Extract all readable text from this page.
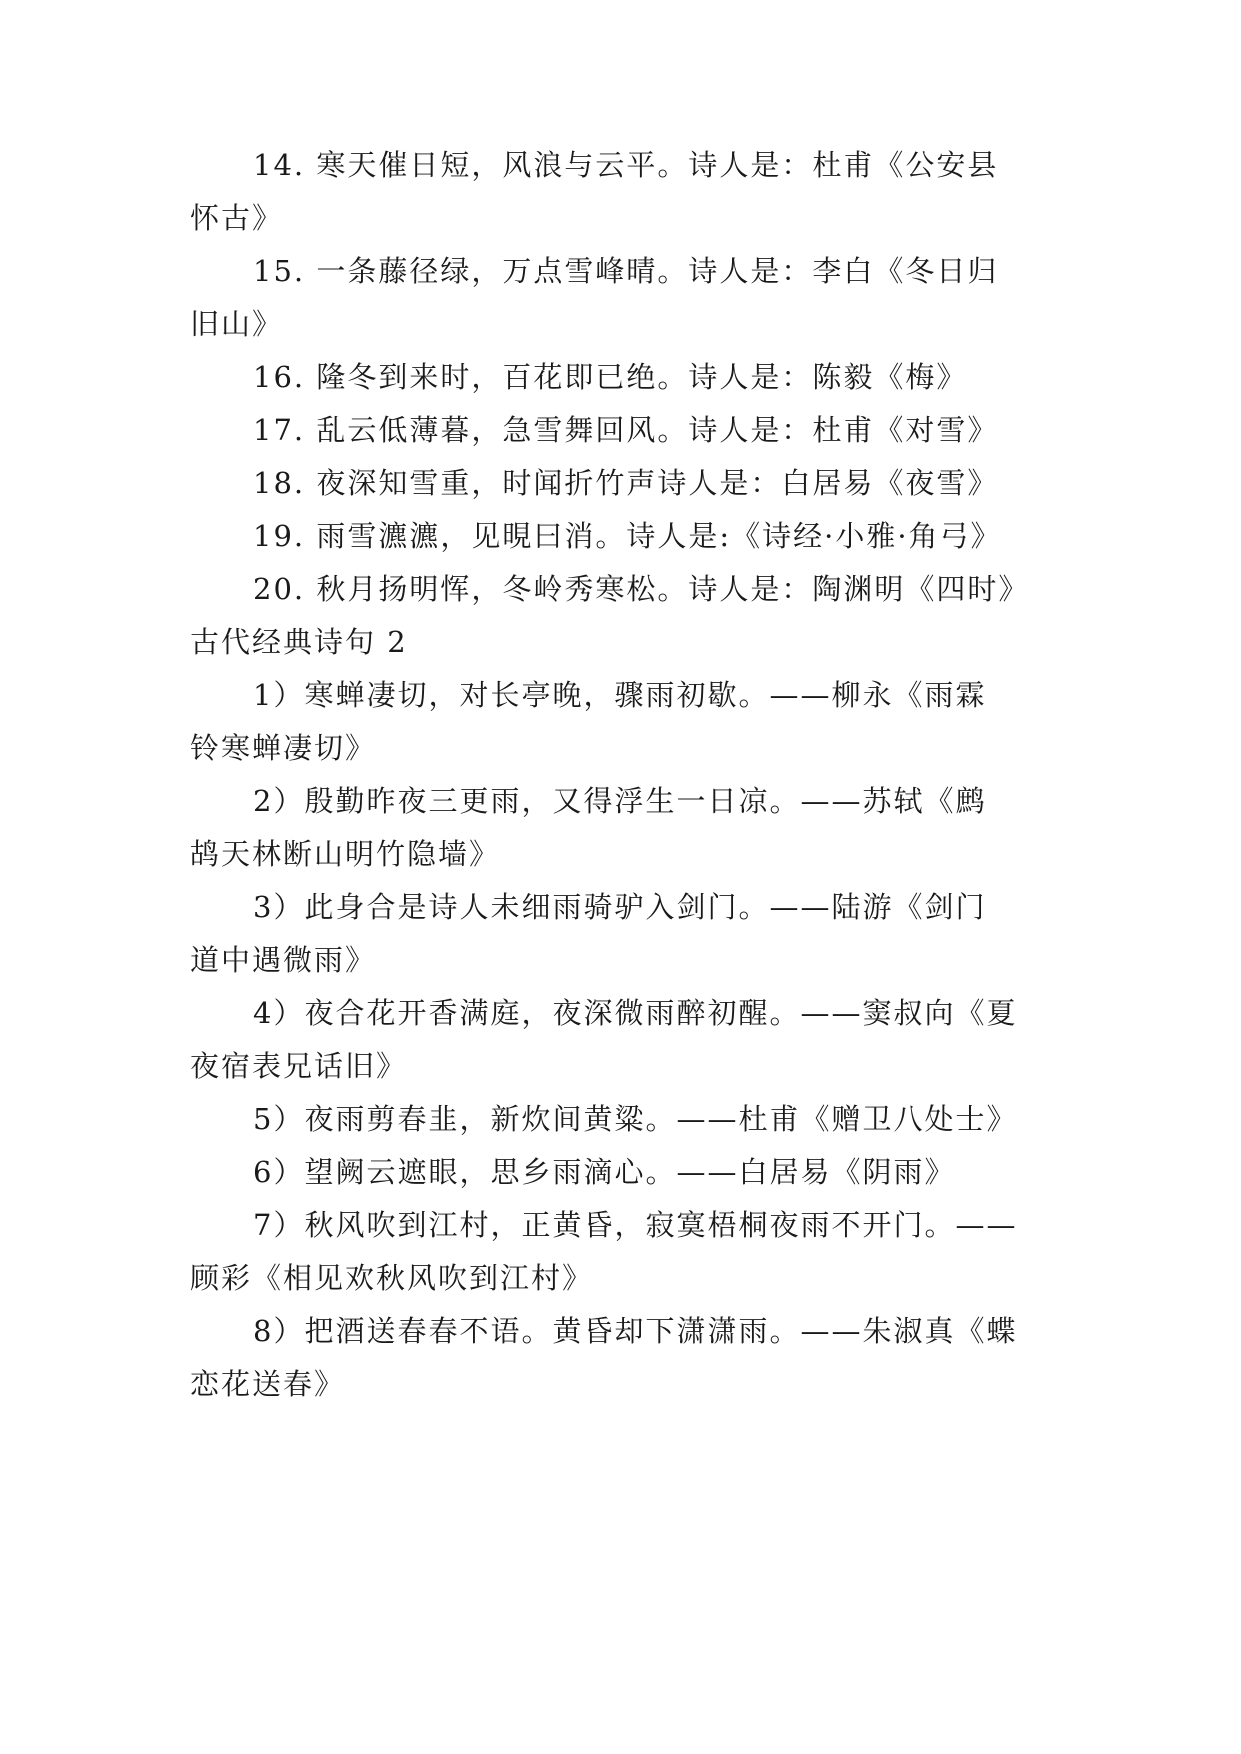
14. 寒天催日短，风浪与云平。诗人是：杜甫《公安县
怀古》
15. 一条藤径绿，万点雪峰晴。诗人是：李白《冬日归
旧山》
16. 隆冬到来时，百花即已绝。诗人是：陈毅《梅》
17. 乱云低薄暮，急雪舞回风。诗人是：杜甫《对雪》
18. 夜深知雪重，时闻折竹声诗人是：白居易《夜雪》
19. 雨雪瀌瀌，见晛曰消。诗人是:《诗经·小雅·角弓》
20. 秋月扬明恽，冬岭秀寒松。诗人是：陶渊明《四时》
古代经典诗句 2
1）寒蝉凄切，对长亭晚，骤雨初歇。——柳永《雨霖
铃寒蝉凄切》
2）殷勤昨夜三更雨，又得浮生一日凉。——苏轼《鹧
鸪天林断山明竹隐墙》
3）此身合是诗人未细雨骑驴入剑门。——陆游《剑门
道中遇微雨》
4）夜合花开香满庭，夜深微雨醉初醒。——窦叔向《夏
夜宿表兄话旧》
5）夜雨剪春韭，新炊间黄粱。——杜甫《赠卫八处士》
6）望阙云遮眼，思乡雨滴心。——白居易《阴雨》
7）秋风吹到江村，正黄昏，寂寞梧桐夜雨不开门。——
顾彩《相见欢秋风吹到江村》
8）把酒送春春不语。黄昏却下潇潇雨。——朱淑真《蝶
恋花送春》
